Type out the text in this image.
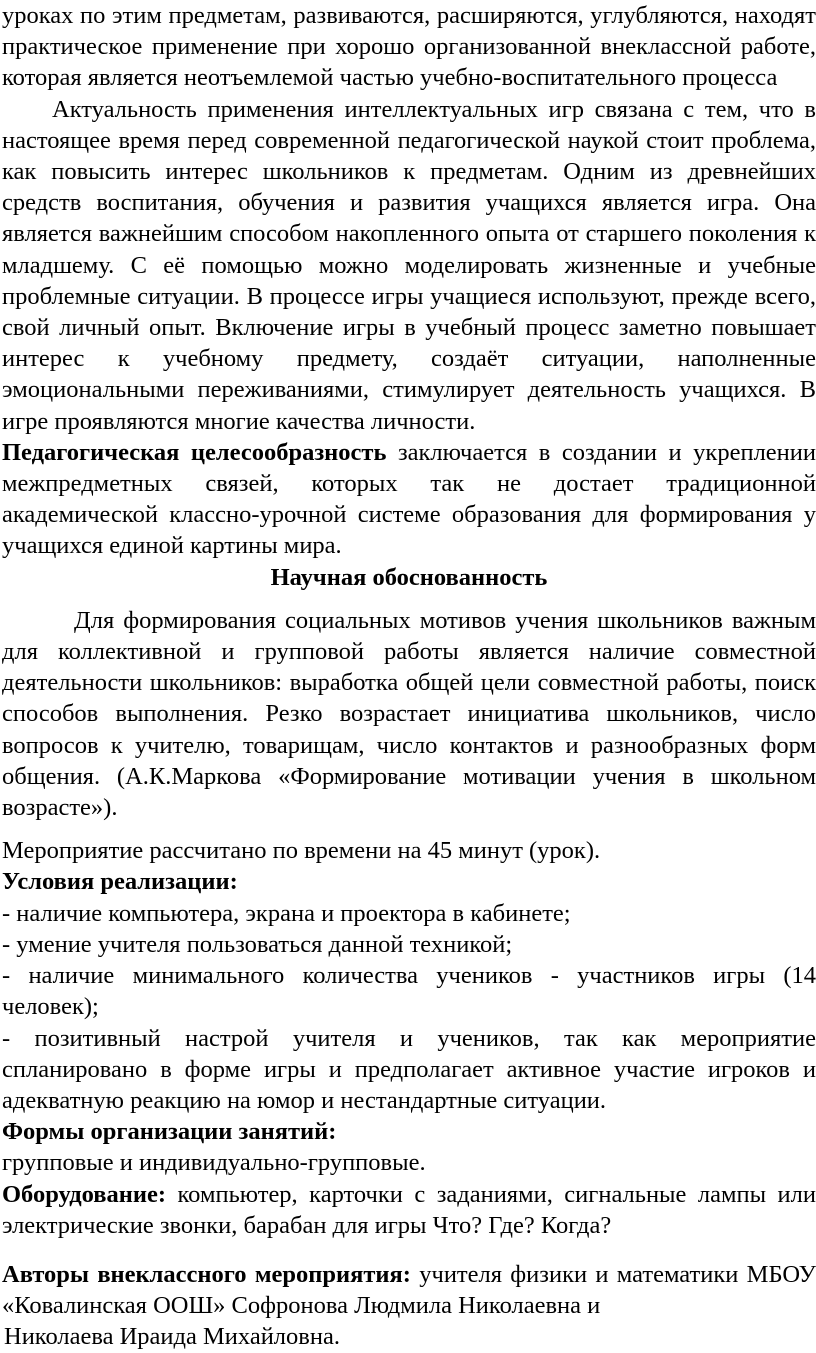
уроках по этим предметам, развиваются, расширяются, углубляются, находят практическое применение при хорошо организованной внеклассной работе, которая является неотъемлемой частью учебно-воспитательного процесса

Актуальность применения интеллектуальных игр связана с тем, что в настоящее время перед современной педагогической наукой стоит проблема, как повысить интерес школьников к предметам. Одним из древнейших средств воспитания, обучения и развития учащихся является игра. Она является важнейшим способом накопленного опыта от старшего поколения к младшему. С её помощью можно моделировать жизненные и учебные проблемные ситуации. В процессе игры учащиеся используют, прежде всего, свой личный опыт. Включение игры в учебный процесс заметно повышает интерес к учебному предмету, создаёт ситуации, наполненные эмоциональными переживаниями, стимулирует деятельность учащихся. В игре проявляются многие качества личности.

Педагогическая целесообразность заключается в создании и укреплении межпредметных связей, которых так не достает традиционной академической классно-урочной системе образования для формирования у учащихся единой картины мира.

Научная обоснованность

Для формирования социальных мотивов учения школьников важным для коллективной и групповой работы является наличие совместной деятельности школьников: выработка общей цели совместной работы, поиск способов выполнения. Резко возрастает инициатива школьников, число вопросов к учителю, товарищам, число контактов и разнообразных форм общения. (А.К.Маркова «Формирование мотивации учения в школьном возрасте»).

Мероприятие рассчитано по времени на 45 минут (урок).

Условия реализации:

- наличие компьютера, экрана и проектора в кабинете;

- умение учителя пользоваться данной техникой;

- наличие минимального количества учеников - участников игры (14 человек);

- позитивный настрой учителя и учеников, так как мероприятие спланировано в форме игры и предполагает активное участие игроков и адекватную реакцию на юмор и нестандартные ситуации.

Формы организации занятий:

групповые и индивидуально-групповые.

Оборудование: компьютер, карточки с заданиями, сигнальные лампы или электрические звонки, барабан для игры Что? Где? Когда?

Авторы внеклассного мероприятия: учителя физики и математики МБОУ «Ковалинская ООШ» Софронова Людмила Николаевна и

Николаева Ираида Михайловна.
